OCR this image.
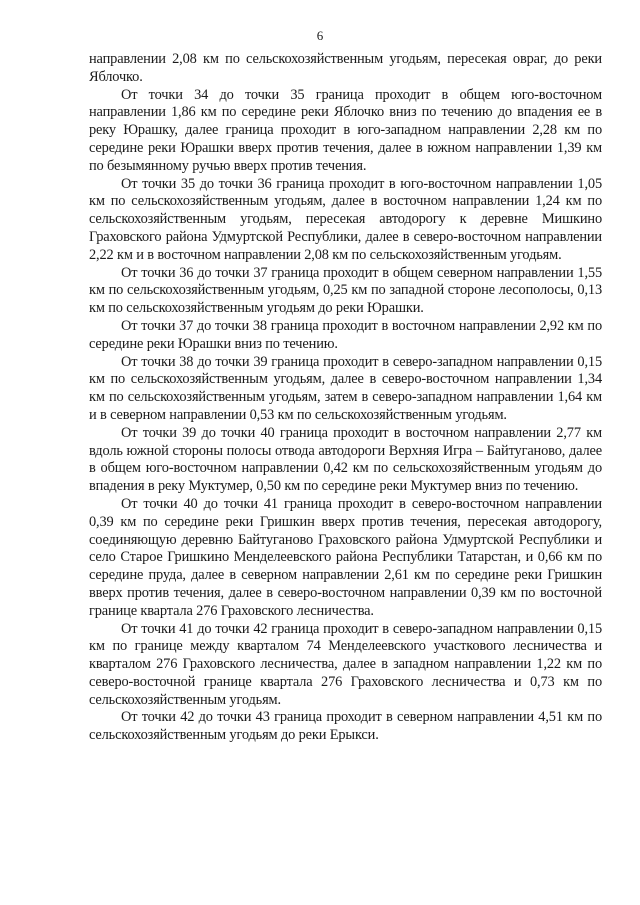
6

направлении 2,08 км по сельскохозяйственным угодьям, пересекая овраг, до реки Яблочко.

От точки 34 до точки 35 граница проходит в общем юго-восточном направлении 1,86 км по середине реки Яблочко вниз по течению до впадения ее в реку Юрашку, далее граница проходит в юго-западном направлении 2,28 км по середине реки Юрашки вверх против течения, далее в южном направлении 1,39 км по безымянному ручью вверх против течения.

От точки 35 до точки 36 граница проходит в юго-восточном направлении 1,05 км по сельскохозяйственным угодьям, далее в восточном направлении 1,24 км по сельскохозяйственным угодьям, пересекая автодорогу к деревне Мишкино Граховского района Удмуртской Республики, далее в северо-восточном направлении 2,22 км и в восточном направлении 2,08 км по сельскохозяйственным угодьям.

От точки 36 до точки 37 граница проходит в общем северном направлении 1,55 км по сельскохозяйственным угодьям, 0,25 км по западной стороне лесополосы, 0,13 км по сельскохозяйственным угодьям до реки Юрашки.

От точки 37 до точки 38 граница проходит в восточном направлении 2,92 км по середине реки Юрашки вниз по течению.

От точки 38 до точки 39 граница проходит в северо-западном направлении 0,15 км по сельскохозяйственным угодьям, далее в северо-восточном направлении 1,34 км по сельскохозяйственным угодьям, затем в северо-западном направлении 1,64 км и в северном направлении 0,53 км по сельскохозяйственным угодьям.

От точки 39 до точки 40 граница проходит в восточном направлении 2,77 км вдоль южной стороны полосы отвода автодороги Верхняя Игра – Байтуганово, далее в общем юго-восточном направлении 0,42 км по сельскохозяйственным угодьям до впадения в реку Муктумер, 0,50 км по середине реки Муктумер вниз по течению.

От точки 40 до точки 41 граница проходит в северо-восточном направлении 0,39 км по середине реки Гришкин вверх против течения, пересекая автодорогу, соединяющую деревню Байтуганово Граховского района Удмуртской Республики и село Старое Гришкино Менделеевского района Республики Татарстан, и 0,66 км по середине пруда, далее в северном направлении 2,61 км по середине реки Гришкин вверх против течения, далее в северо-восточном направлении 0,39 км по восточной границе квартала 276 Граховского лесничества.

От точки 41 до точки 42 граница проходит в северо-западном направлении 0,15 км по границе между кварталом 74 Менделеевского участкового лесничества и кварталом 276 Граховского лесничества, далее в западном направлении 1,22 км по северо-восточной границе квартала 276 Граховского лесничества и 0,73 км по сельскохозяйственным угодьям.

От точки 42 до точки 43 граница проходит в северном направлении 4,51 км по сельскохозяйственным угодьям до реки Ерыкси.
